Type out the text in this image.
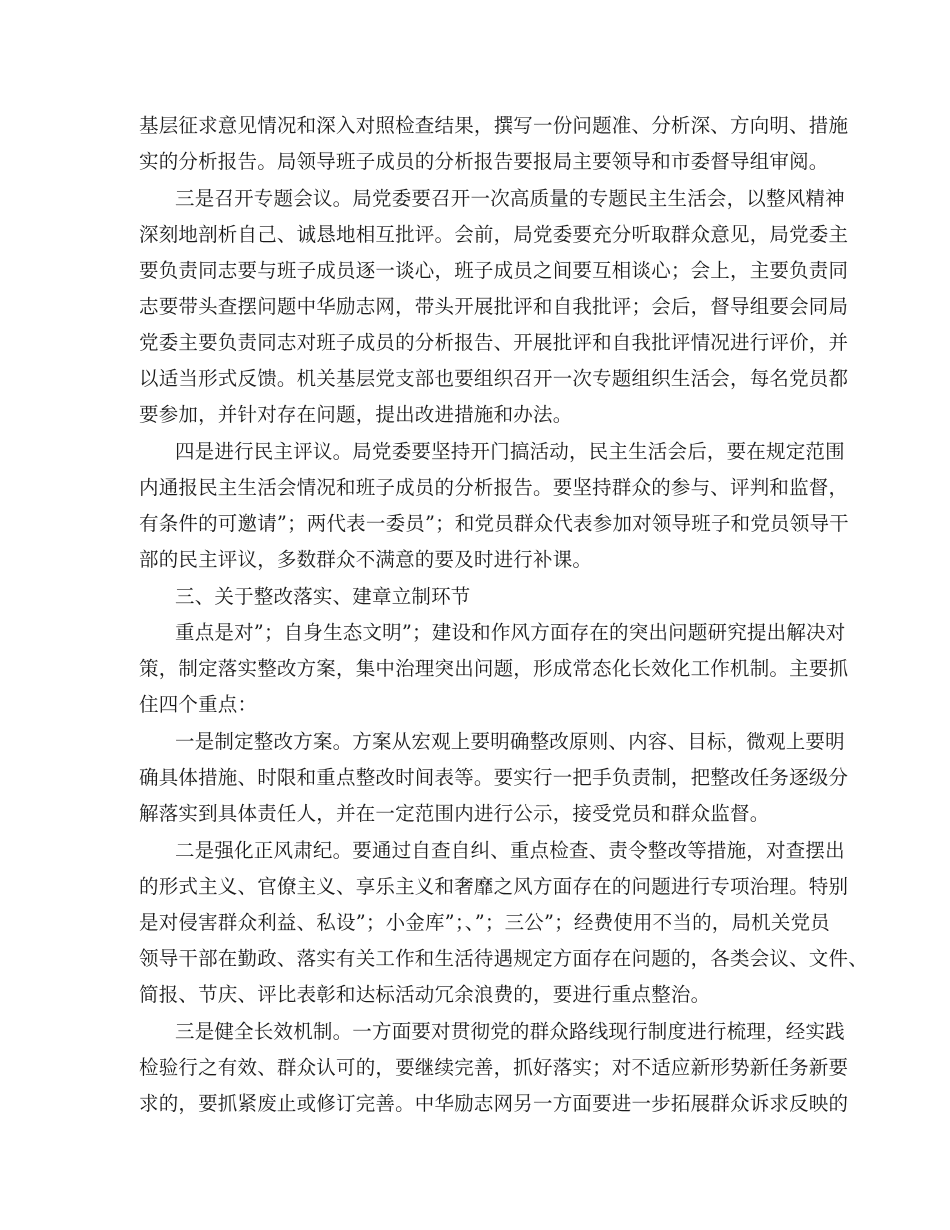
基层征求意见情况和深入对照检查结果，撰写一份问题准、分析深、方向明、措施
实的分析报告。局领导班子成员的分析报告要报局主要领导和市委督导组审阅。
三是召开专题会议。局党委要召开一次高质量的专题民主生活会，以整风精神
深刻地剖析自己、诚恳地相互批评。会前，局党委要充分听取群众意见，局党委主
要负责同志要与班子成员逐一谈心，班子成员之间要互相谈心；会上，主要负责同
志要带头查摆问题中华励志网，带头开展批评和自我批评；会后，督导组要会同局
党委主要负责同志对班子成员的分析报告、开展批评和自我批评情况进行评价，并
以适当形式反馈。机关基层党支部也要组织召开一次专题组织生活会，每名党员都
要参加，并针对存在问题，提出改进措施和办法。
四是进行民主评议。局党委要坚持开门搞活动，民主生活会后，要在规定范围
内通报民主生活会情况和班子成员的分析报告。要坚持群众的参与、评判和监督，
有条件的可邀请”；两代表一委员”；和党员群众代表参加对领导班子和党员领导干
部的民主评议，多数群众不满意的要及时进行补课。
三、关于整改落实、建章立制环节
重点是对”；自身生态文明”；建设和作风方面存在的突出问题研究提出解决对
策，制定落实整改方案，集中治理突出问题，形成常态化长效化工作机制。主要抓
住四个重点：
一是制定整改方案。方案从宏观上要明确整改原则、内容、目标，微观上要明
确具体措施、时限和重点整改时间表等。要实行一把手负责制，把整改任务逐级分
解落实到具体责任人，并在一定范围内进行公示，接受党员和群众监督。
二是强化正风肃纪。要通过自查自纠、重点检查、责令整改等措施，对查摆出
的形式主义、官僚主义、享乐主义和奢靡之风方面存在的问题进行专项治理。特别
是对侵害群众利益、私设”；小金库”；、”；三公”；经费使用不当的，局机关党员
领导干部在勤政、落实有关工作和生活待遇规定方面存在问题的，各类会议、文件、
简报、节庆、评比表彰和达标活动冗余浪费的，要进行重点整治。
三是健全长效机制。一方面要对贯彻党的群众路线现行制度进行梳理，经实践
检验行之有效、群众认可的，要继续完善，抓好落实；对不适应新形势新任务新要
求的，要抓紧废止或修订完善。中华励志网另一方面要进一步拓展群众诉求反映的
